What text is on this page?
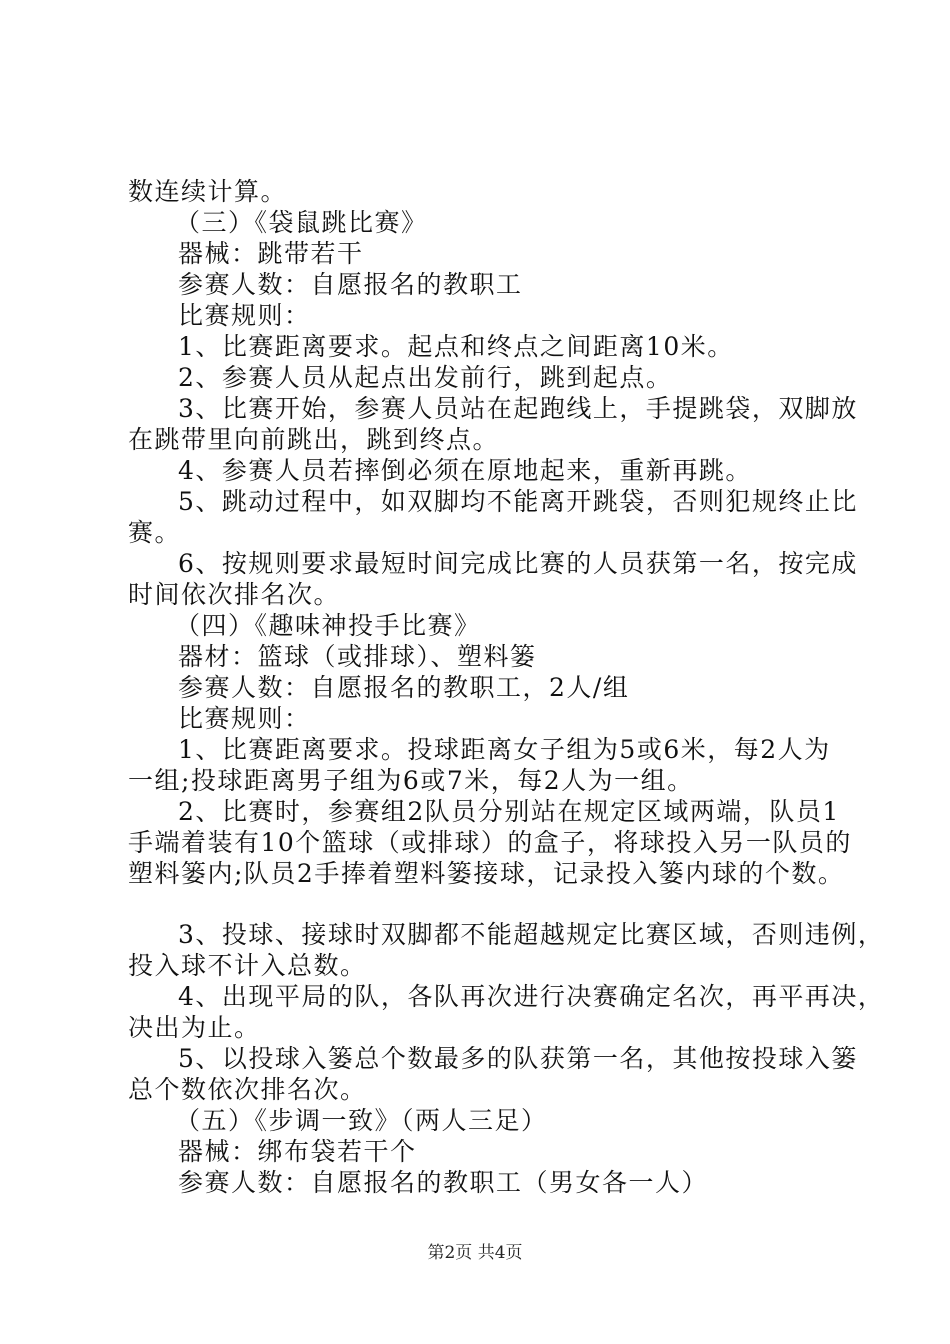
数连续计算。
（三）《袋鼠跳比赛》
器械：跳带若干
参赛人数：自愿报名的教职工
比赛规则：
1、比赛距离要求。起点和终点之间距离10米。
2、参赛人员从起点出发前行，跳到起点。
3、比赛开始，参赛人员站在起跑线上，手提跳袋，双脚放
在跳带里向前跳出，跳到终点。
4、参赛人员若摔倒必须在原地起来，重新再跳。
5、跳动过程中，如双脚均不能离开跳袋，否则犯规终止比
赛。
6、按规则要求最短时间完成比赛的人员获第一名，按完成
时间依次排名次。
（四）《趣味神投手比赛》
器材：篮球（或排球）、塑料篓
参赛人数：自愿报名的教职工，2人/组
比赛规则：
1、比赛距离要求。投球距离女子组为5或6米，每2人为
一组;投球距离男子组为6或7米，每2人为一组。
2、比赛时，参赛组2队员分别站在规定区域两端，队员1
手端着装有10个篮球（或排球）的盒子，将球投入另一队员的
塑料篓内;队员2手捧着塑料篓接球，记录投入篓内球的个数。
3、投球、接球时双脚都不能超越规定比赛区域，否则违例，
投入球不计入总数。
4、出现平局的队，各队再次进行决赛确定名次，再平再决，
决出为止。
5、以投球入篓总个数最多的队获第一名，其他按投球入篓
总个数依次排名次。
（五）《步调一致》（两人三足）
器械：绑布袋若干个
参赛人数：自愿报名的教职工（男女各一人）
第2页 共4页
